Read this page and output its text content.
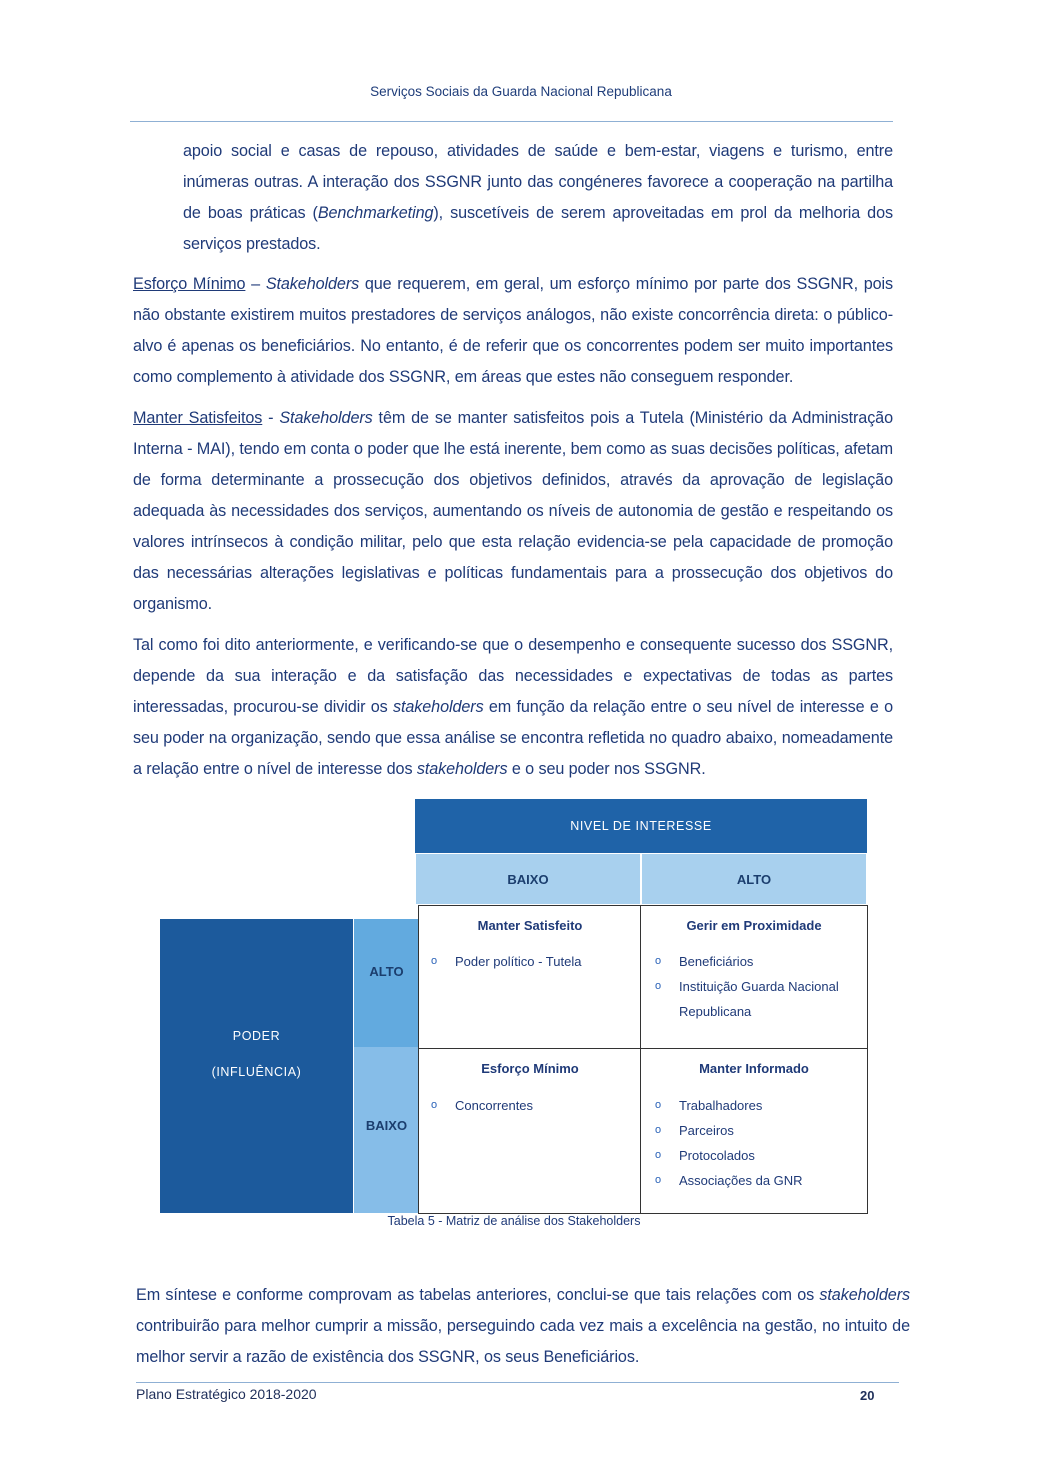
Serviços Sociais da Guarda Nacional Republicana

apoio social e casas de repouso, atividades de saúde e bem-estar, viagens e turismo, entre inúmeras outras. A interação dos SSGNR junto das congéneres favorece a cooperação na partilha de boas práticas (Benchmarketing), suscetíveis de serem aproveitadas em prol da melhoria dos serviços prestados.

Esforço Mínimo – Stakeholders que requerem, em geral, um esforço mínimo por parte dos SSGNR, pois não obstante existirem muitos prestadores de serviços análogos, não existe concorrência direta: o público-alvo é apenas os beneficiários. No entanto, é de referir que os concorrentes podem ser muito importantes como complemento à atividade dos SSGNR, em áreas que estes não conseguem responder.

Manter Satisfeitos - Stakeholders têm de se manter satisfeitos pois a Tutela (Ministério da Administração Interna - MAI), tendo em conta o poder que lhe está inerente, bem como as suas decisões políticas, afetam de forma determinante a prossecução dos objetivos definidos, através da aprovação de legislação adequada às necessidades dos serviços, aumentando os níveis de autonomia de gestão e respeitando os valores intrínsecos à condição militar, pelo que esta relação evidencia-se pela capacidade de promoção das necessárias alterações legislativas e políticas fundamentais para a prossecução dos objetivos do organismo.

Tal como foi dito anteriormente, e verificando-se que o desempenho e consequente sucesso dos SSGNR, depende da sua interação e da satisfação das necessidades e expectativas de todas as partes interessadas, procurou-se dividir os stakeholders em função da relação entre o seu nível de interesse e o seu poder na organização, sendo que essa análise se encontra refletida no quadro abaixo, nomeadamente a relação entre o nível de interesse dos stakeholders e o seu poder nos SSGNR.

NIVEL DE INTERESSE
BAIXO	ALTO
PODER
(INFLUÊNCIA)
ALTO
BAIXO
Manter Satisfeito
o Poder político - Tutela
Gerir em Proximidade
o Beneficiários
o Instituição Guarda Nacional Republicana
Esforço Mínimo
o Concorrentes
Manter Informado
o Trabalhadores
o Parceiros
o Protocolados
o Associações da GNR
Tabela 5 - Matriz de análise dos Stakeholders

Em síntese e conforme comprovam as tabelas anteriores, conclui-se que tais relações com os stakeholders contribuirão para melhor cumprir a missão, perseguindo cada vez mais a excelência na gestão, no intuito de melhor servir a razão de existência dos SSGNR, os seus Beneficiários.

Plano Estratégico 2018-2020	20
